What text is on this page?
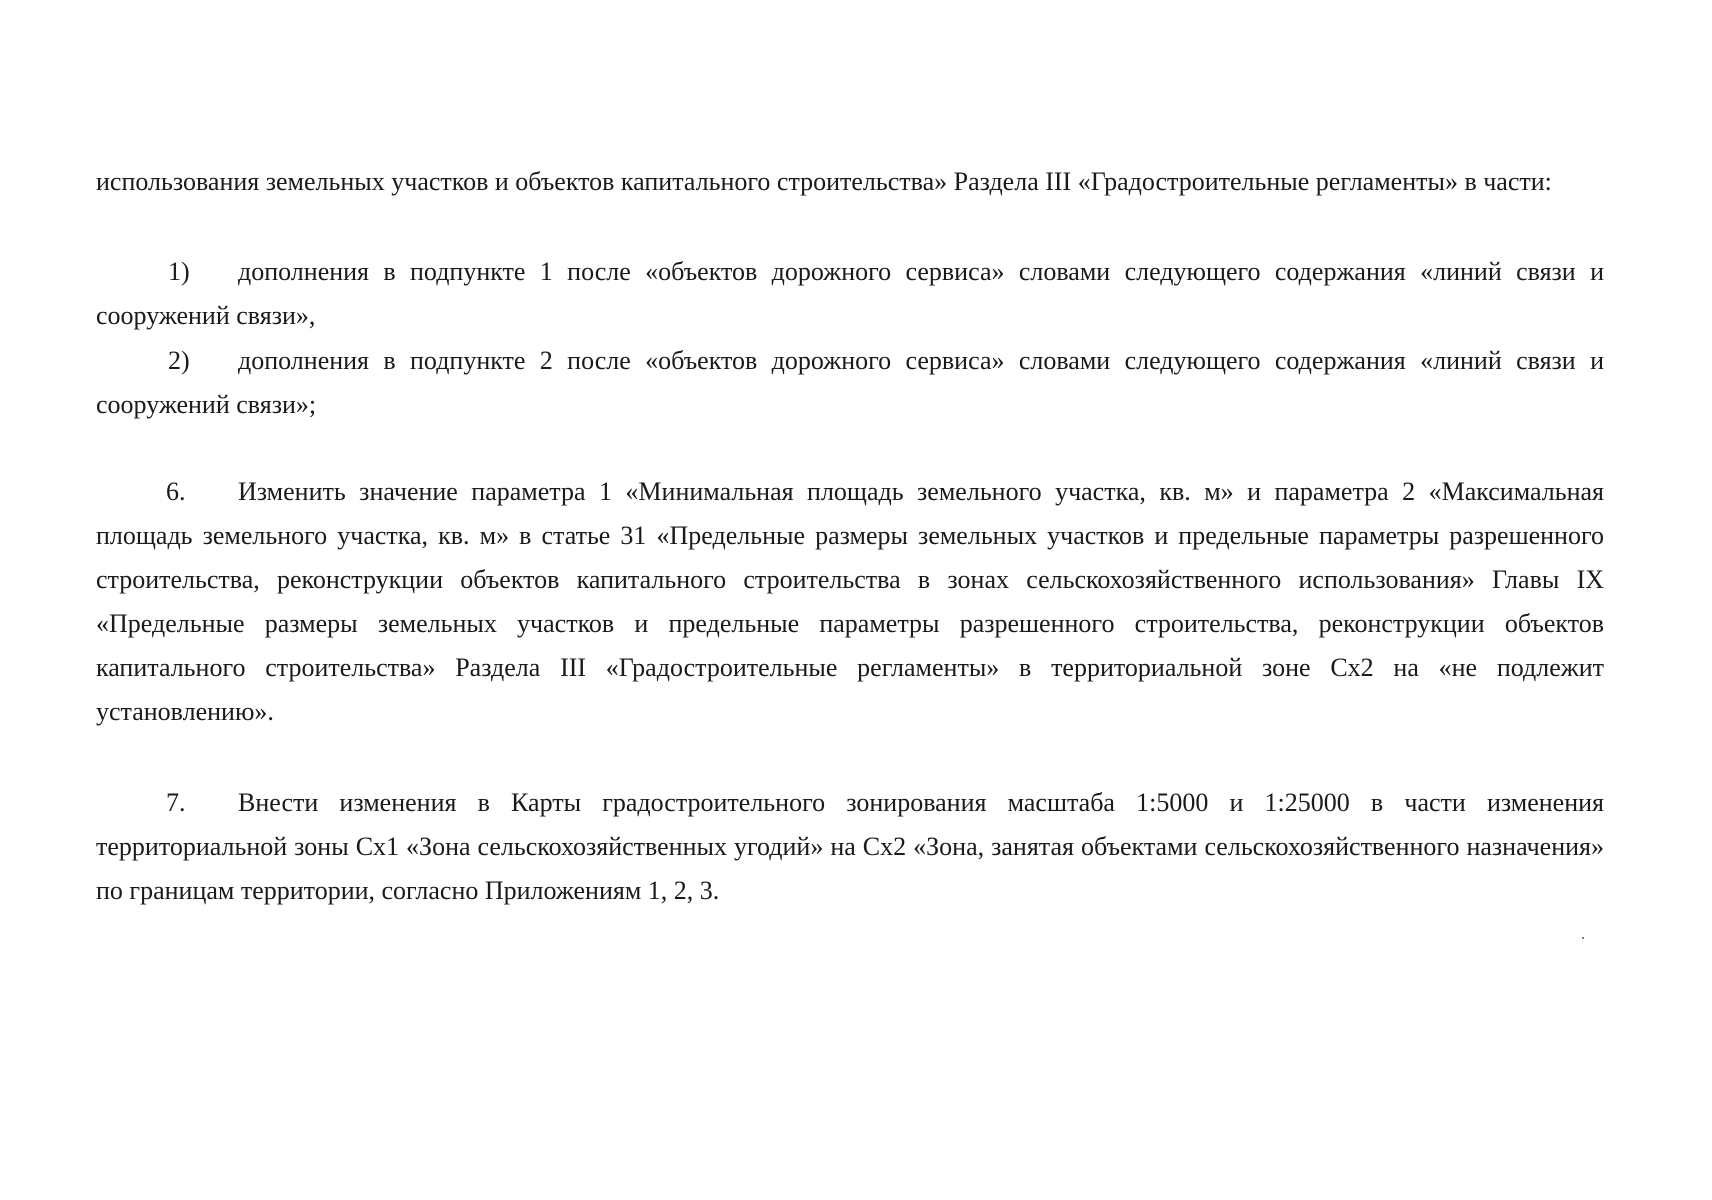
использования земельных участков и объектов капитального строительства» Раздела III «Градостроительные регламенты» в части:
1) дополнения в подпункте 1 после «объектов дорожного сервиса» словами следующего содержания «линий связи и сооружений связи»,
2) дополнения в подпункте 2 после «объектов дорожного сервиса» словами следующего содержания «линий связи и сооружений связи»;
6. Изменить значение параметра 1 «Минимальная площадь земельного участка, кв. м» и параметра 2 «Максимальная площадь земельного участка, кв. м» в статье 31 «Предельные размеры земельных участков и предельные параметры разрешенного строительства, реконструкции объектов капитального строительства в зонах сельскохозяйственного использования» Главы IX «Предельные размеры земельных участков и предельные параметры разрешенного строительства, реконструкции объектов капитального строительства» Раздела III «Градостроительные регламенты» в территориальной зоне Сх2 на «не подлежит установлению».
7. Внести изменения в Карты градостроительного зонирования масштаба 1:5000 и 1:25000 в части изменения территориальной зоны Сх1 «Зона сельскохозяйственных угодий» на Сх2 «Зона, занятая объектами сельскохозяйственного назначения» по границам территории, согласно Приложениям 1, 2, 3.
